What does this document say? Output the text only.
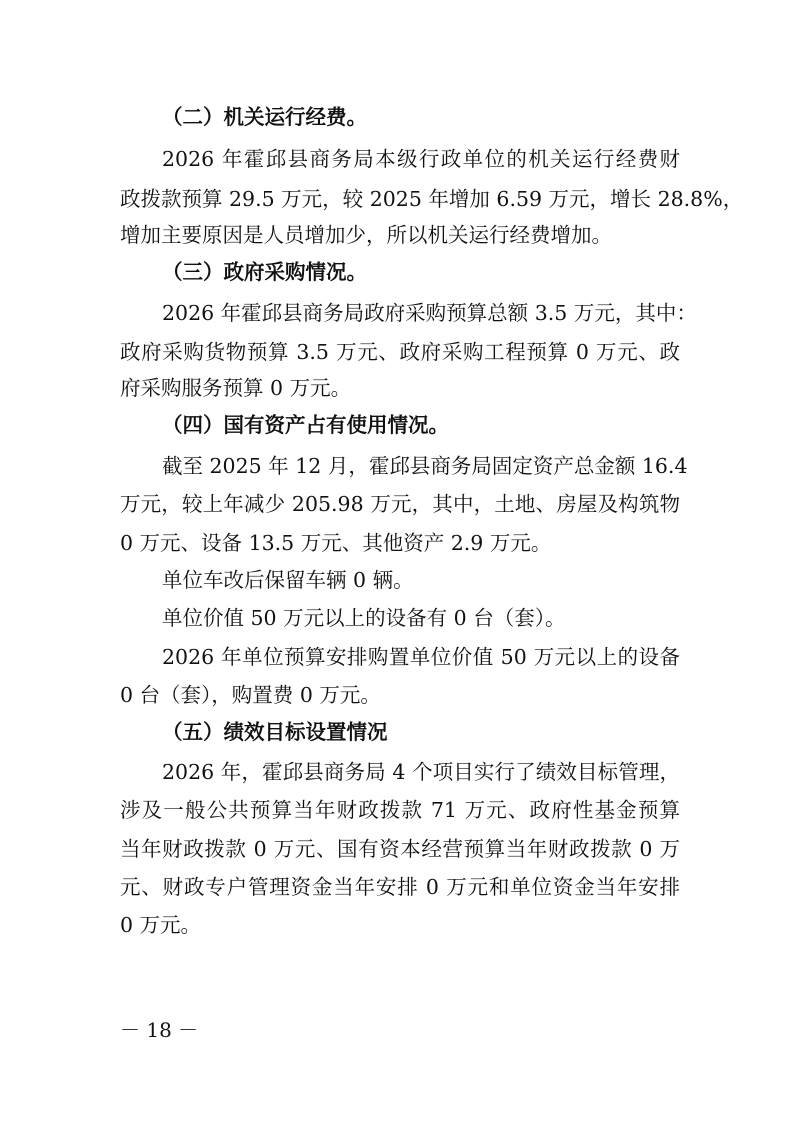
（二）机关运行经费。
2026 年霍邱县商务局本级行政单位的机关运行经费财
政拨款预算 29.5 万元，较 2025 年增加 6.59 万元，增长 28.8%，
增加主要原因是人员增加少，所以机关运行经费增加。
（三）政府采购情况。
2026 年霍邱县商务局政府采购预算总额 3.5 万元，其中：
政府采购货物预算 3.5 万元、政府采购工程预算 0 万元、政
府采购服务预算 0 万元。
（四）国有资产占有使用情况。
截至 2025 年 12 月，霍邱县商务局固定资产总金额 16.4
万元，较上年减少 205.98 万元，其中，土地、房屋及构筑物
0 万元、设备 13.5 万元、其他资产 2.9 万元。
单位车改后保留车辆 0 辆。
单位价值 50 万元以上的设备有 0 台（套）。
2026 年单位预算安排购置单位价值 50 万元以上的设备
0 台（套），购置费 0 万元。
（五）绩效目标设置情况
2026 年，霍邱县商务局 4 个项目实行了绩效目标管理，
涉及一般公共预算当年财政拨款 71 万元、政府性基金预算
当年财政拨款 0 万元、国有资本经营预算当年财政拨款 0 万
元、财政专户管理资金当年安排 0 万元和单位资金当年安排
0 万元。
－ 18 －
